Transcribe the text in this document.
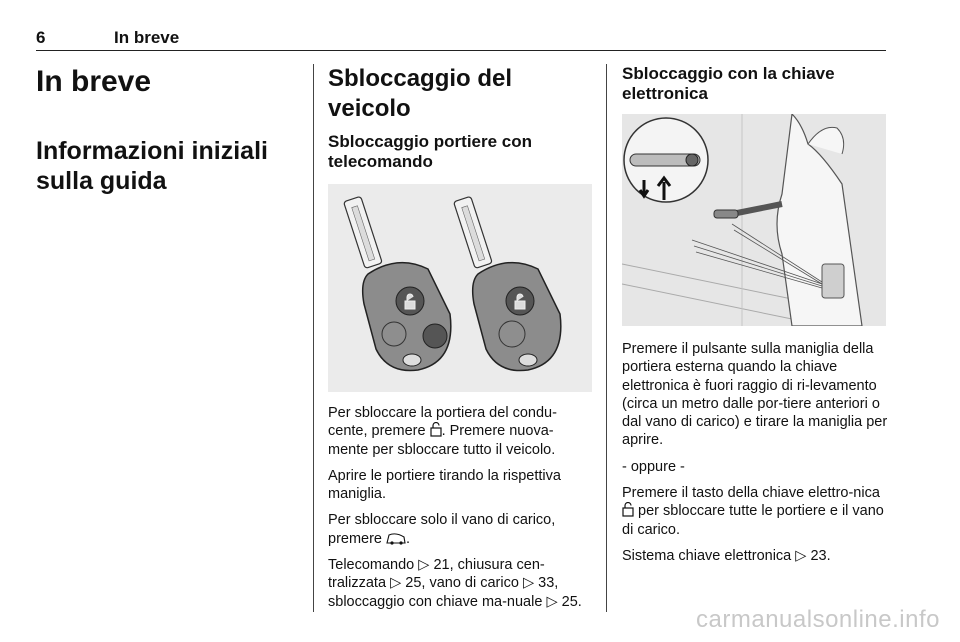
6	In breve
In breve
Informazioni iniziali sulla guida
Sbloccaggio del veicolo
Sbloccaggio portiere con telecomando

Per sbloccare la portiera del condu-cente, premere . Premere nuova-mente per sbloccare tutto il veicolo.

Aprire le portiere tirando la rispettiva maniglia.

Per sbloccare solo il vano di carico, premere .

Telecomando ▷ 21, chiusura cen-tralizzata ▷ 25, vano di carico ▷ 33, sbloccaggio con chiave ma-nuale ▷ 25.

Sbloccaggio con la chiave elettronica

Premere il pulsante sulla maniglia della portiera esterna quando la chiave elettronica è fuori raggio di ri-levamento (circa un metro dalle por-tiere anteriori o dal vano di carico) e tirare la maniglia per aprire.

- oppure -

Premere il tasto della chiave elettro-nica  per sbloccare tutte le portiere e il vano di carico.

Sistema chiave elettronica ▷ 23.

carmanualsonline.info
